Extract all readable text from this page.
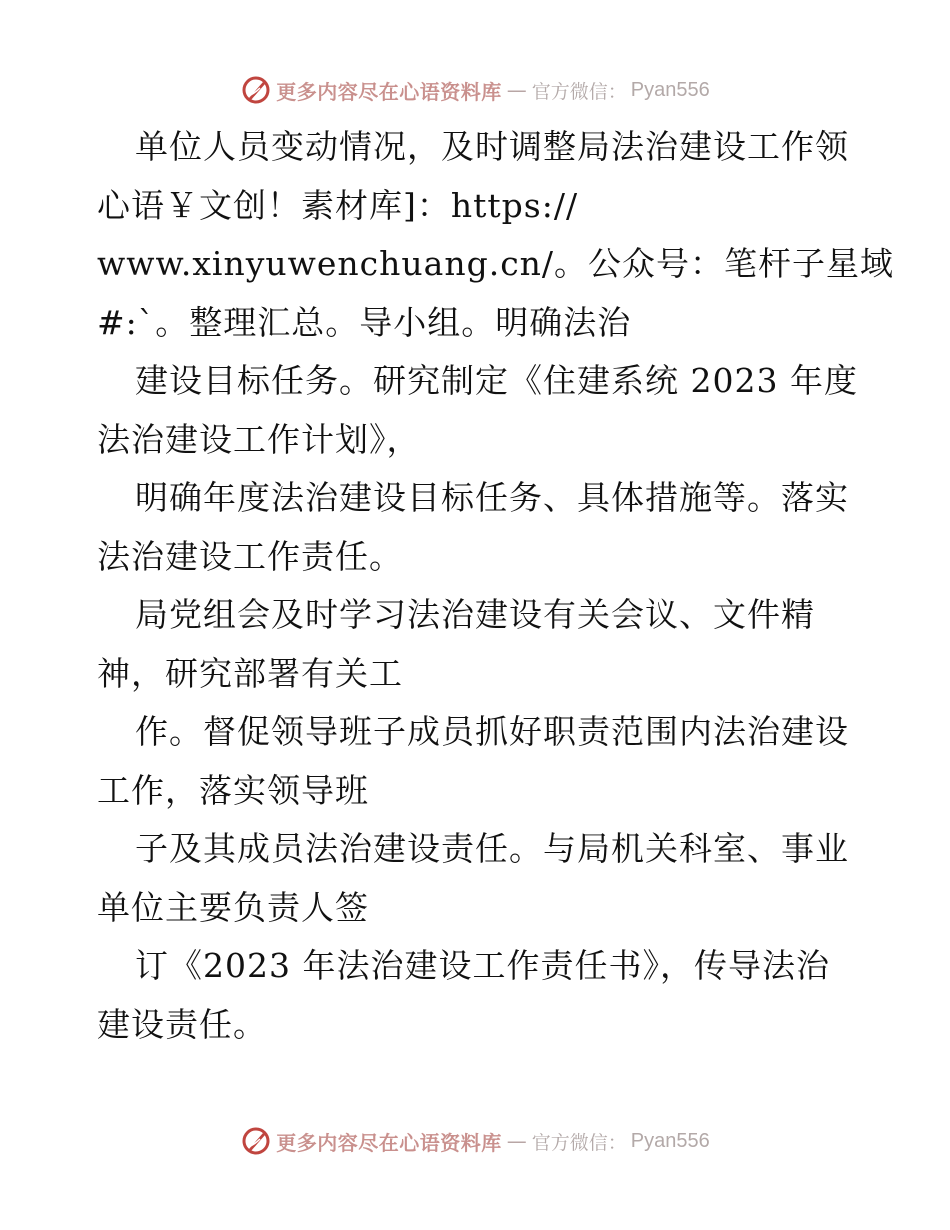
更多内容尽在心语资料库 — 官方微信： Pyan556
单位人员变动情况，及时调整局法治建设工作领
心语￥文创！素材库]：https://
www.xinyuwenchuang.cn/。公众号：笔杆子星域
#:`。整理汇总。导小组。明确法治
建设目标任务。研究制定《住建系统 2023 年度
法治建设工作计划》，
明确年度法治建设目标任务、具体措施等。落实
法治建设工作责任。
局党组会及时学习法治建设有关会议、文件精
神，研究部署有关工
作。督促领导班子成员抓好职责范围内法治建设
工作，落实领导班
子及其成员法治建设责任。与局机关科室、事业
单位主要负责人签
订《2023 年法治建设工作责任书》，传导法治
建设责任。
更多内容尽在心语资料库 — 官方微信： Pyan556
